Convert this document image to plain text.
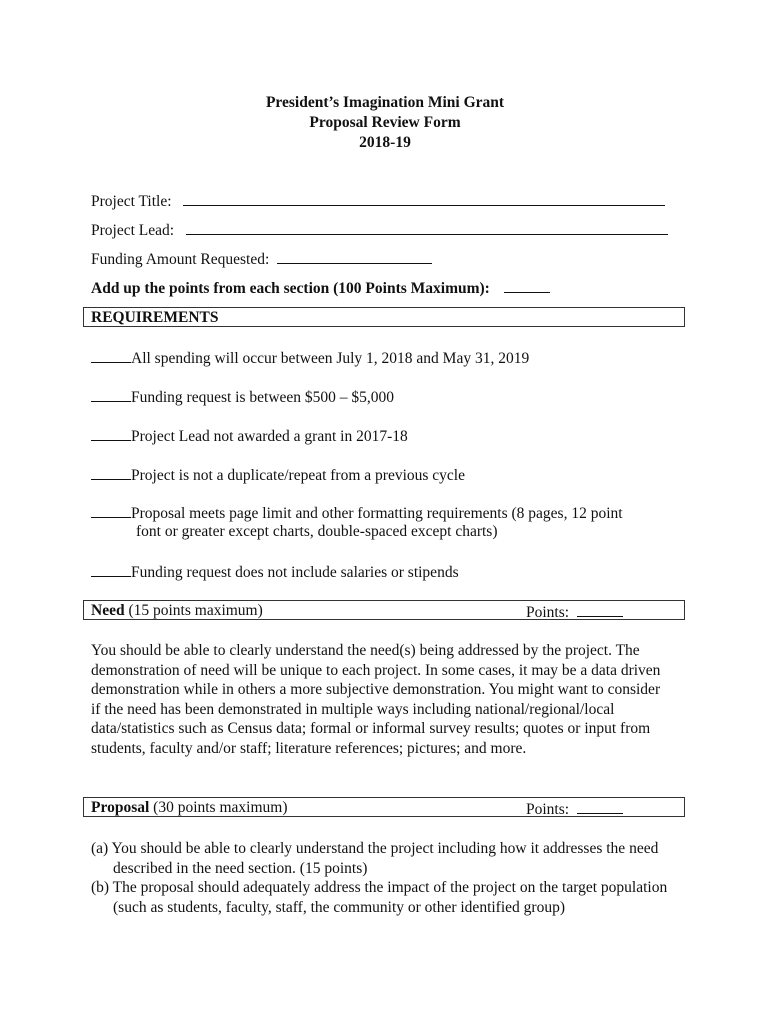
President’s Imagination Mini Grant
Proposal Review Form
2018-19
Project Title:
Project Lead:
Funding Amount Requested:
Add up the points from each section (100 Points Maximum):
REQUIREMENTS
All spending will occur between July 1, 2018 and May 31, 2019
Funding request is between $500 – $5,000
Project Lead not awarded a grant in 2017-18
Project is not a duplicate/repeat from a previous cycle
Proposal meets page limit and other formatting requirements (8 pages, 12 point
font or greater except charts, double-spaced except charts)
Funding request does not include salaries or stipends
Need (15 points maximum)	Points:
You should be able to clearly understand the need(s) being addressed by the project. The demonstration of need will be unique to each project. In some cases, it may be a data driven demonstration while in others a more subjective demonstration. You might want to consider if the need has been demonstrated in multiple ways including national/regional/local data/statistics such as Census data; formal or informal survey results; quotes or input from students, faculty and/or staff; literature references; pictures; and more.
Proposal (30 points maximum)	Points:
(a) You should be able to clearly understand the project including how it addresses the need described in the need section. (15 points)
(b) The proposal should adequately address the impact of the project on the target population (such as students, faculty, staff, the community or other identified group)
